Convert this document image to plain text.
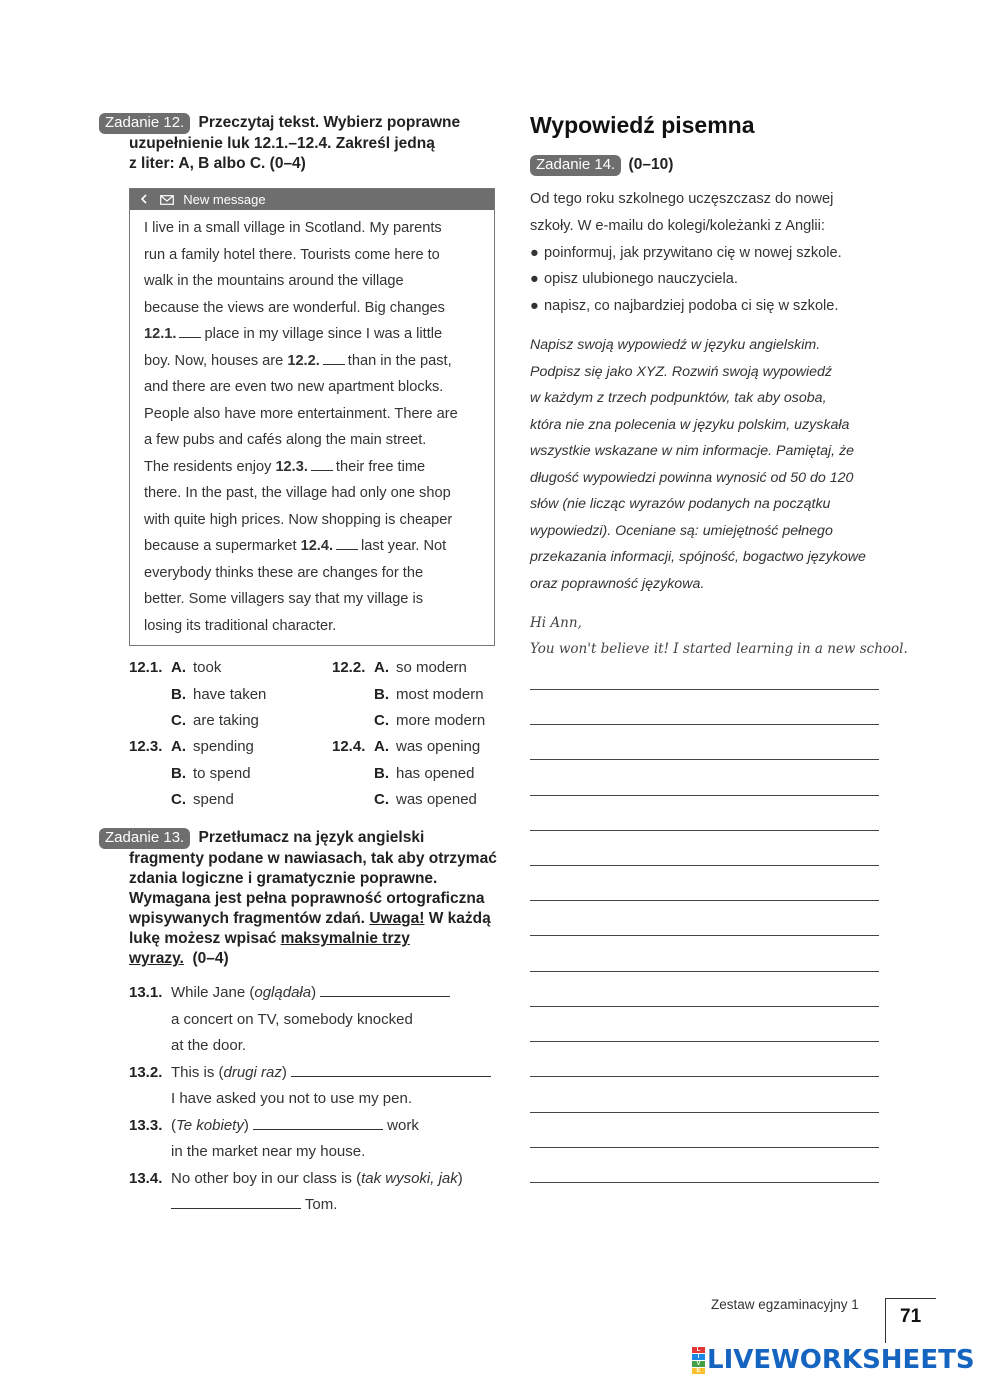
Zadanie 12. Przeczytaj tekst. Wybierz poprawne
uzupełnienie luk 12.1.–12.4. Zakreśl jedną
z liter: A, B albo C. (0–4)
New message
I live in a small village in Scotland. My parents
run a family hotel there. Tourists come here to
walk in the mountains around the village
because the views are wonderful. Big changes
12.1. place in my village since I was a little
boy. Now, houses are 12.2. than in the past,
and there are even two new apartment blocks.
People also have more entertainment. There are
a few pubs and cafés along the main street.
The residents enjoy 12.3. their free time
there. In the past, the village had only one shop
with quite high prices. Now shopping is cheaper
because a supermarket 12.4. last year. Not
everybody thinks these are changes for the
better. Some villagers say that my village is
losing its traditional character.
12.1. A. took
B. have taken
C. are taking
12.2. A. so modern
B. most modern
C. more modern
12.3. A. spending
B. to spend
C. spend
12.4. A. was opening
B. has opened
C. was opened
Zadanie 13. Przetłumacz na język angielski
fragmenty podane w nawiasach, tak aby otrzymać
zdania logiczne i gramatycznie poprawne.
Wymagana jest pełna poprawność ortograficzna
wpisywanych fragmentów zdań. Uwaga! W każdą
lukę możesz wpisać maksymalnie trzy
wyrazy. (0–4)
13.1. While Jane (oglądała)
a concert on TV, somebody knocked
at the door.
13.2. This is (drugi raz)
I have asked you not to use my pen.
13.3. (Te kobiety)	work
in the market near my house.
13.4. No other boy in our class is (tak wysoki, jak)
Tom.
Wypowiedź pisemna
Zadanie 14. (0–10)
Od tego roku szkolnego uczęszczasz do nowej
szkoły. W e-mailu do kolegi/koleżanki z Anglii:
● poinformuj, jak przywitano cię w nowej szkole.
● opisz ulubionego nauczyciela.
● napisz, co najbardziej podoba ci się w szkole.
Napisz swoją wypowiedź w języku angielskim.
Podpisz się jako XYZ. Rozwiń swoją wypowiedź
w każdym z trzech podpunktów, tak aby osoba,
która nie zna polecenia w języku polskim, uzyskała
wszystkie wskazane w nim informacje. Pamiętaj, że
długość wypowiedzi powinna wynosić od 50 do 120
słów (nie licząc wyrazów podanych na początku
wypowiedzi). Oceniane są: umiejętność pełnego
przekazania informacji, spójność, bogactwo językowe
oraz poprawność językowa.
Hi Ann,
You won't believe it! I started learning in a new school.
Zestaw egzaminacyjny 1
71
L
I
V
E LIVEWORKSHEETS
